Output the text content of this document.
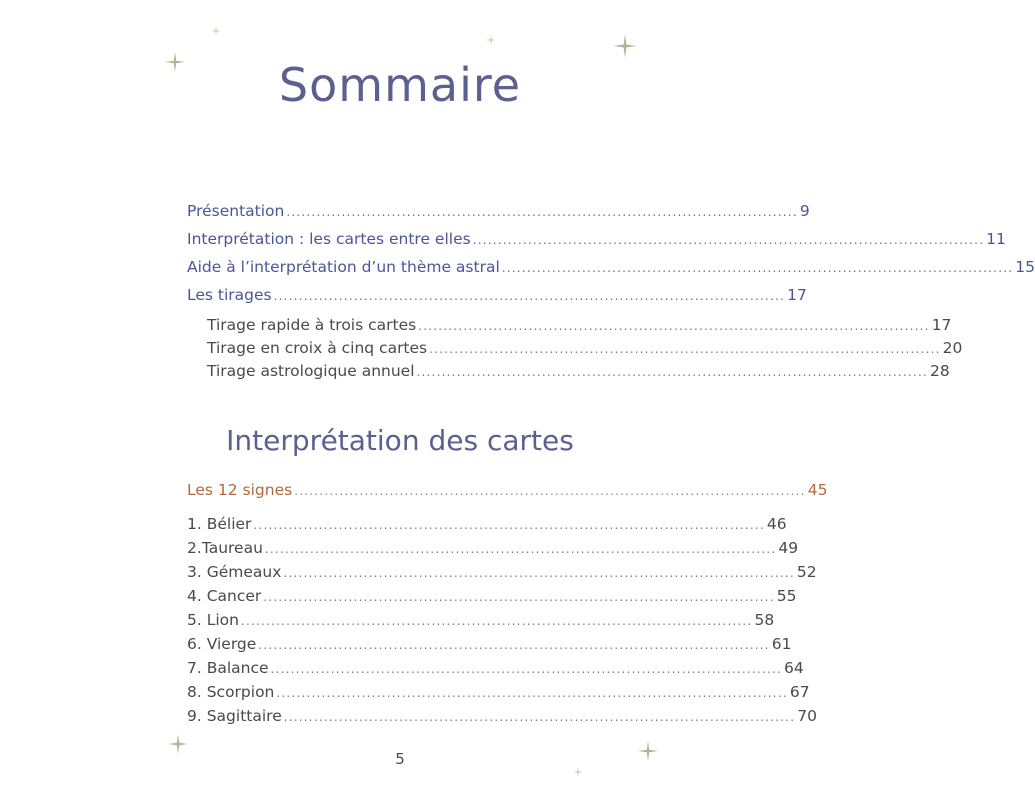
Sommaire
Présentation ...................................................................................................... 9
Interprétation : les cartes entre elles ...................................................................................................... 11
Aide à l’interprétation d’un thème astral ...................................................................................................... 15
Les tirages ...................................................................................................... 17
Tirage rapide à trois cartes ...................................................................................................... 17
Tirage en croix à cinq cartes ...................................................................................................... 20
Tirage astrologique annuel ...................................................................................................... 28
Interprétation des cartes
Les 12 signes ...................................................................................................... 45
1. Bélier ...................................................................................................... 46
2.Taureau ...................................................................................................... 49
3. Gémeaux ...................................................................................................... 52
4. Cancer ...................................................................................................... 55
5. Lion ...................................................................................................... 58
6. Vierge ...................................................................................................... 61
7. Balance ...................................................................................................... 64
8. Scorpion ...................................................................................................... 67
9. Sagittaire ...................................................................................................... 70
5
